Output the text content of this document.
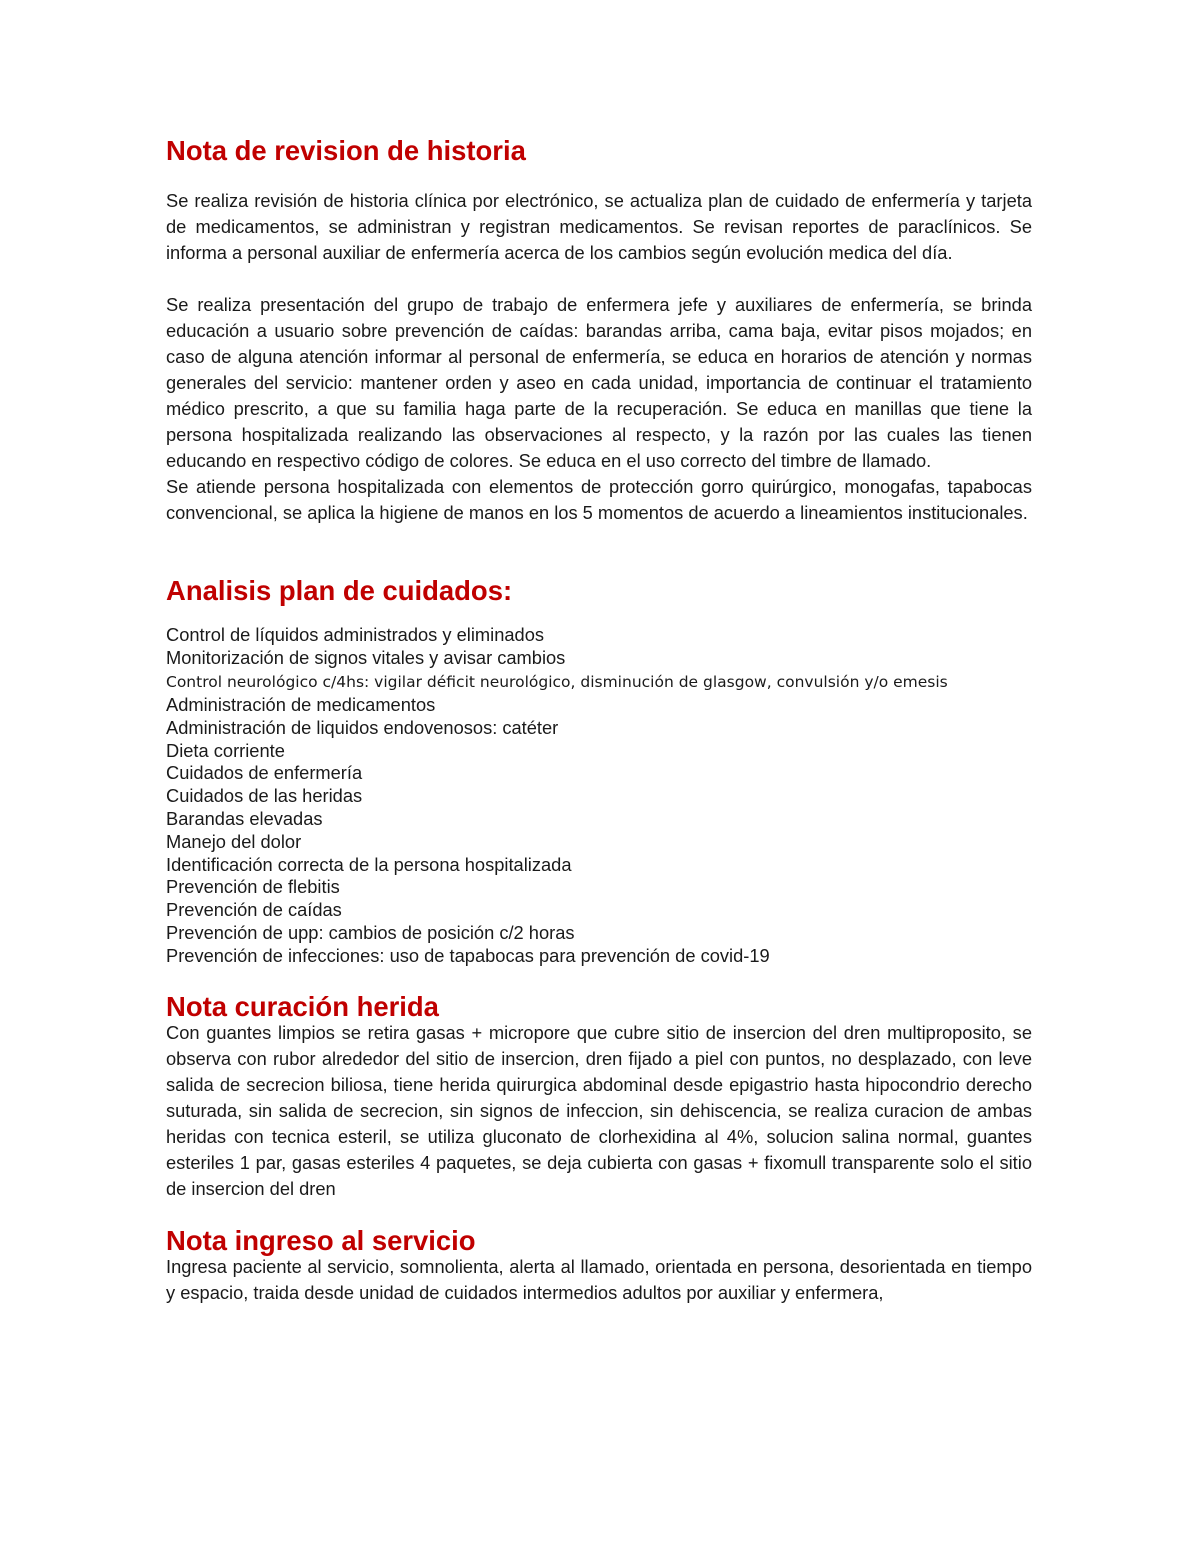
Nota de revision de historia

Se realiza revisión de historia clínica por electrónico, se actualiza plan de cuidado de enfermería y tarjeta de medicamentos, se administran y registran medicamentos. Se revisan reportes de paraclínicos. Se informa a personal auxiliar de enfermería acerca de los cambios según evolución medica del día.

Se realiza presentación del grupo de trabajo de enfermera jefe y auxiliares de enfermería, se brinda educación a usuario sobre prevención de caídas: barandas arriba, cama baja, evitar pisos mojados; en caso de alguna atención informar al personal de enfermería, se educa en horarios de atención y normas generales del servicio: mantener orden y aseo en cada unidad, importancia de continuar el tratamiento médico prescrito, a que su familia haga parte de la recuperación. Se educa en manillas que tiene la persona hospitalizada realizando las observaciones al respecto, y la razón por las cuales las tienen educando en respectivo código de colores. Se educa en el uso correcto del timbre de llamado.

Se atiende persona hospitalizada con elementos de protección gorro quirúrgico, monogafas, tapabocas convencional, se aplica la higiene de manos en los 5 momentos de acuerdo a lineamientos institucionales.

Analisis plan de cuidados:
Control de líquidos administrados y eliminados
Monitorización de signos vitales y avisar cambios
Control neurológico c/4hs: vigilar déficit neurológico, disminución de glasgow, convulsión y/o emesis
Administración de medicamentos
Administración de liquidos endovenosos: catéter
Dieta corriente
Cuidados de enfermería
Cuidados de las heridas
Barandas elevadas
Manejo del dolor
Identificación correcta de la persona hospitalizada
Prevención de flebitis
Prevención de caídas
Prevención de upp: cambios de posición c/2 horas
Prevención de infecciones: uso de tapabocas para prevención de covid-19
Nota curación herida

Con guantes limpios se retira gasas + micropore que cubre sitio de insercion del dren multiproposito, se observa con rubor alrededor del sitio de insercion, dren fijado a piel con puntos, no desplazado, con leve salida de secrecion biliosa, tiene herida quirurgica abdominal desde epigastrio hasta hipocondrio derecho suturada, sin salida de secrecion, sin signos de infeccion, sin dehiscencia, se realiza curacion de ambas heridas con tecnica esteril, se utiliza gluconato de clorhexidina al 4%, solucion salina normal, guantes esteriles 1 par, gasas esteriles 4 paquetes, se deja cubierta con gasas + fixomull transparente solo el sitio de insercion del dren

Nota ingreso al servicio

Ingresa paciente al servicio, somnolienta, alerta al llamado, orientada en persona, desorientada en tiempo y espacio, traida desde unidad de cuidados intermedios adultos por auxiliar y enfermera,
